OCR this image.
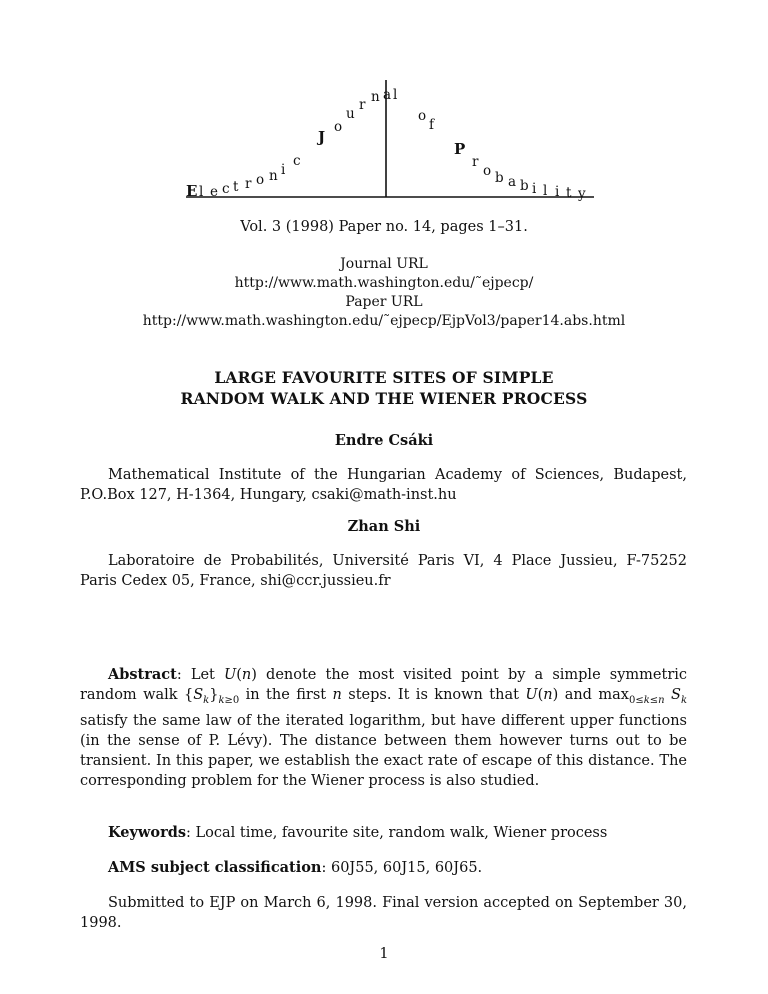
E l e c t r o n i
c
J
o
u
r n a l
o
f
P
r
o b a b i l i t y
Vol. 3 (1998) Paper no. 14, pages 1–31.
Journal URL
http://www.math.washington.edu/˜ejpecp/
Paper URL
http://www.math.washington.edu/˜ejpecp/EjpVol3/paper14.abs.html
LARGE FAVOURITE SITES OF SIMPLE
RANDOM WALK AND THE WIENER PROCESS
Endre Csáki
Mathematical Institute of the Hungarian Academy of Sciences, Budapest, P.O.Box 127, H-1364, Hungary, csaki@math-inst.hu
Zhan Shi
Laboratoire de Probabilités, Université Paris VI, 4 Place Jussieu, F-75252 Paris Cedex 05, France, shi@ccr.jussieu.fr
Abstract: Let U(n) denote the most visited point by a simple symmetric random walk $\{S_k\}_{k\ge 0}$ in the first n steps. It is known that U(n) and $\max_{0\le k\le n} S_k$ satisfy the same law of the iterated logarithm, but have different upper functions (in the sense of P. Lévy). The distance between them however turns out to be transient. In this paper, we establish the exact rate of escape of this distance. The corresponding problem for the Wiener process is also studied.
Keywords: Local time, favourite site, random walk, Wiener process
AMS subject classification: 60J55, 60J15, 60J65.
Submitted to EJP on March 6, 1998. Final version accepted on September 30, 1998.
1
